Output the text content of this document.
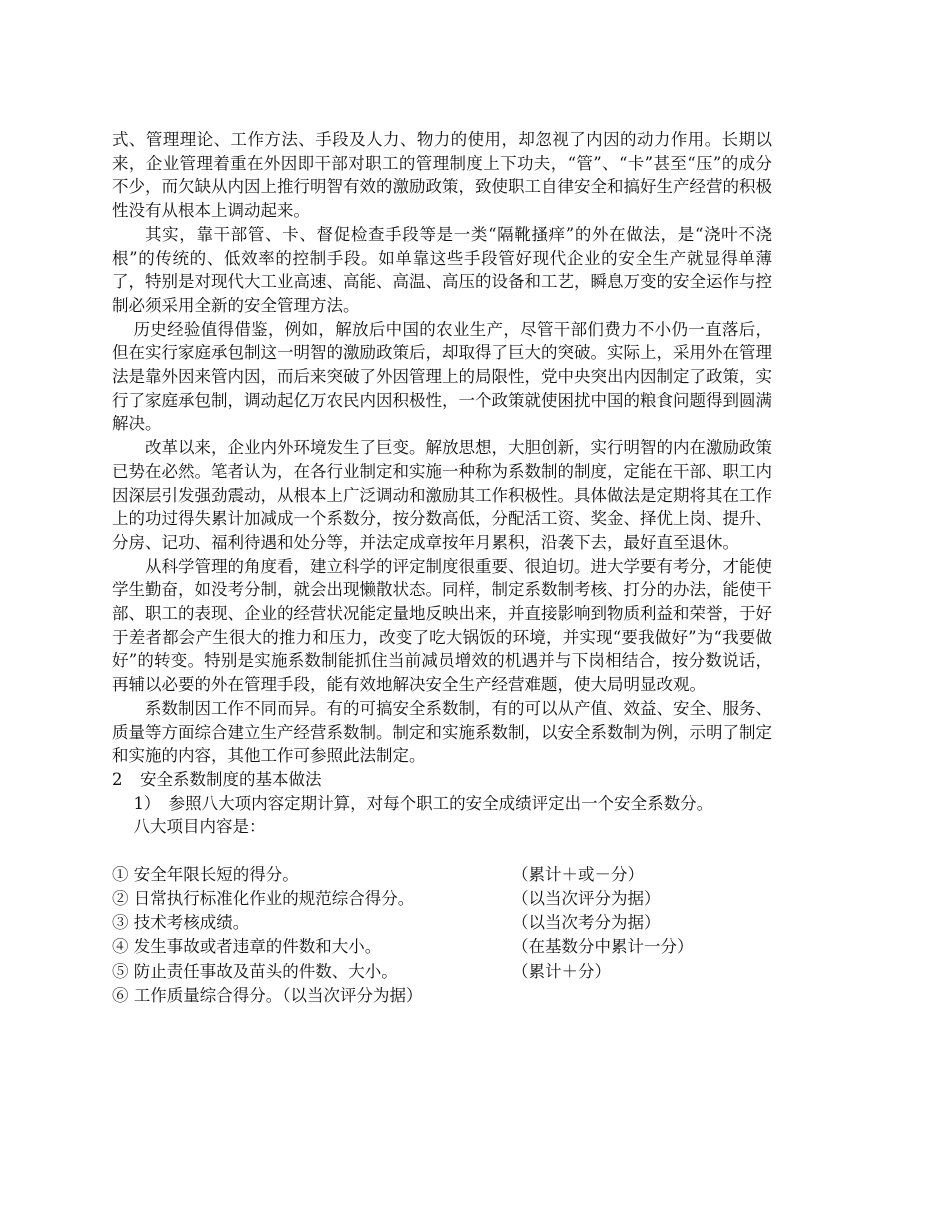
式、管理理论、工作方法、手段及人力、物力的使用，却忽视了内因的动力作用。长期以来，企业管理着重在外因即干部对职工的管理制度上下功夫，“管”、“卡”甚至“压”的成分不少，而欠缺从内因上推行明智有效的激励政策，致使职工自律安全和搞好生产经营的积极性没有从根本上调动起来。

其实，靠干部管、卡、督促检查手段等是一类“隔靴搔痒”的外在做法，是“浇叶不浇根”的传统的、低效率的控制手段。如单靠这些手段管好现代企业的安全生产就显得单薄了，特别是对现代大工业高速、高能、高温、高压的设备和工艺，瞬息万变的安全运作与控制必须采用全新的安全管理方法。

历史经验值得借鉴，例如，解放后中国的农业生产，尽管干部们费力不小仍一直落后，但在实行家庭承包制这一明智的激励政策后，却取得了巨大的突破。实际上，采用外在管理法是靠外因来管内因，而后来突破了外因管理上的局限性，党中央突出内因制定了政策，实行了家庭承包制，调动起亿万农民内因积极性，一个政策就使困扰中国的粮食问题得到圆满解决。

改革以来，企业内外环境发生了巨变。解放思想，大胆创新，实行明智的内在激励政策已势在必然。笔者认为，在各行业制定和实施一种称为系数制的制度，定能在干部、职工内因深层引发强劲震动，从根本上广泛调动和激励其工作积极性。具体做法是定期将其在工作上的功过得失累计加减成一个系数分，按分数高低，分配活工资、奖金、择优上岗、提升、分房、记功、福利待遇和处分等，并法定成章按年月累积，沿袭下去，最好直至退休。

从科学管理的角度看，建立科学的评定制度很重要、很迫切。进大学要有考分，才能使学生勤奋，如没考分制，就会出现懒散状态。同样，制定系数制考核、打分的办法，能使干部、职工的表现、企业的经营状况能定量地反映出来，并直接影响到物质利益和荣誉，于好于差者都会产生很大的推力和压力，改变了吃大锅饭的环境，并实现“要我做好”为“我要做好”的转变。特别是实施系数制能抓住当前减员增效的机遇并与下岗相结合，按分数说话，再辅以必要的外在管理手段，能有效地解决安全生产经营难题，使大局明显改观。

系数制因工作不同而异。有的可搞安全系数制，有的可以从产值、效益、安全、服务、质量等方面综合建立生产经营系数制。制定和实施系数制，以安全系数制为例，示明了制定和实施的内容，其他工作可参照此法制定。

2 安全系数制度的基本做法

1）　参照八大项内容定期计算，对每个职工的安全成绩评定出一个安全系数分。

八大项目内容是：

① 安全年限长短的得分。	（累计＋或－分）
② 日常执行标准化作业的规范综合得分。	（以当次评分为据）
③ 技术考核成绩。	（以当次考分为据）
④ 发生事故或者违章的件数和大小。	（在基数分中累计一分）
⑤ 防止责任事故及苗头的件数、大小。	（累计＋分）
⑥ 工作质量综合得分。（以当次评分为据）
